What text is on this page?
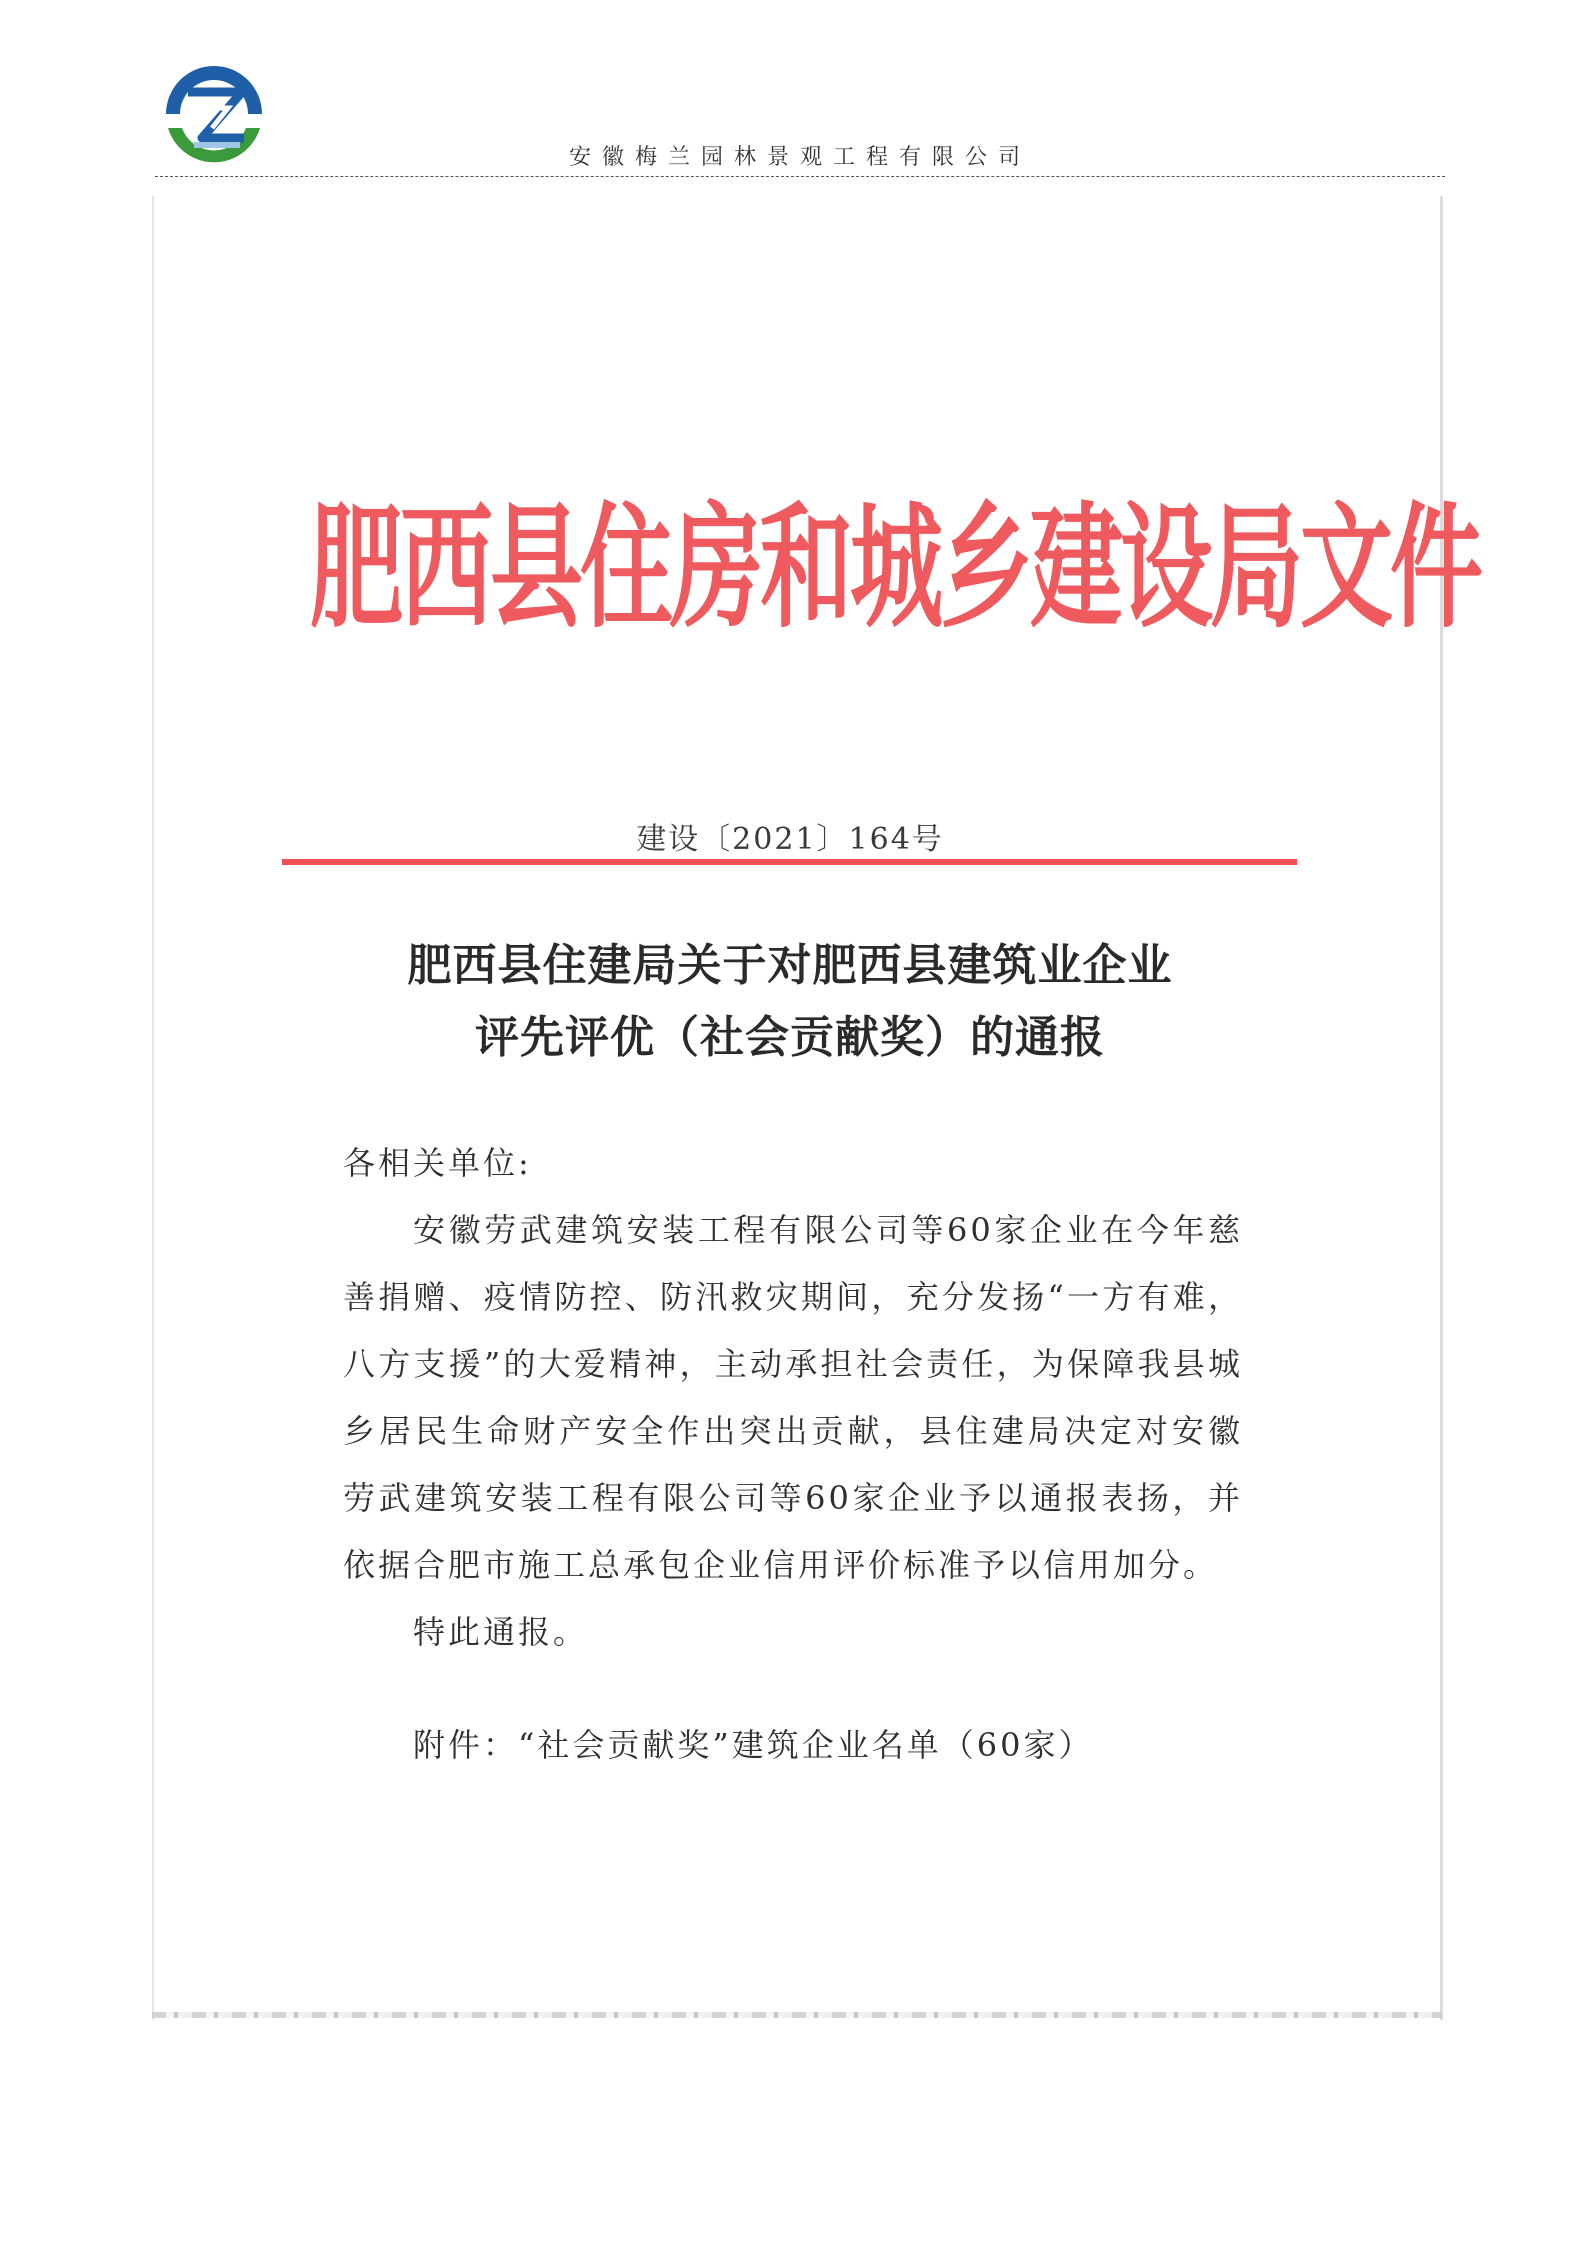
安徽梅兰园林景观工程有限公司
肥西县住房和城乡建设局文件
建设〔2021〕164号
肥西县住建局关于对肥西县建筑业企业
评先评优（社会贡献奖）的通报

各相关单位:

安徽劳武建筑安装工程有限公司等60家企业在今年慈善捐赠、疫情防控、防汛救灾期间，充分发扬“一方有难，八方支援”的大爱精神，主动承担社会责任，为保障我县城乡居民生命财产安全作出突出贡献，县住建局决定对安徽劳武建筑安装工程有限公司等60家企业予以通报表扬，并依据合肥市施工总承包企业信用评价标准予以信用加分。

特此通报。

附件：“社会贡献奖”建筑企业名单（60家）
